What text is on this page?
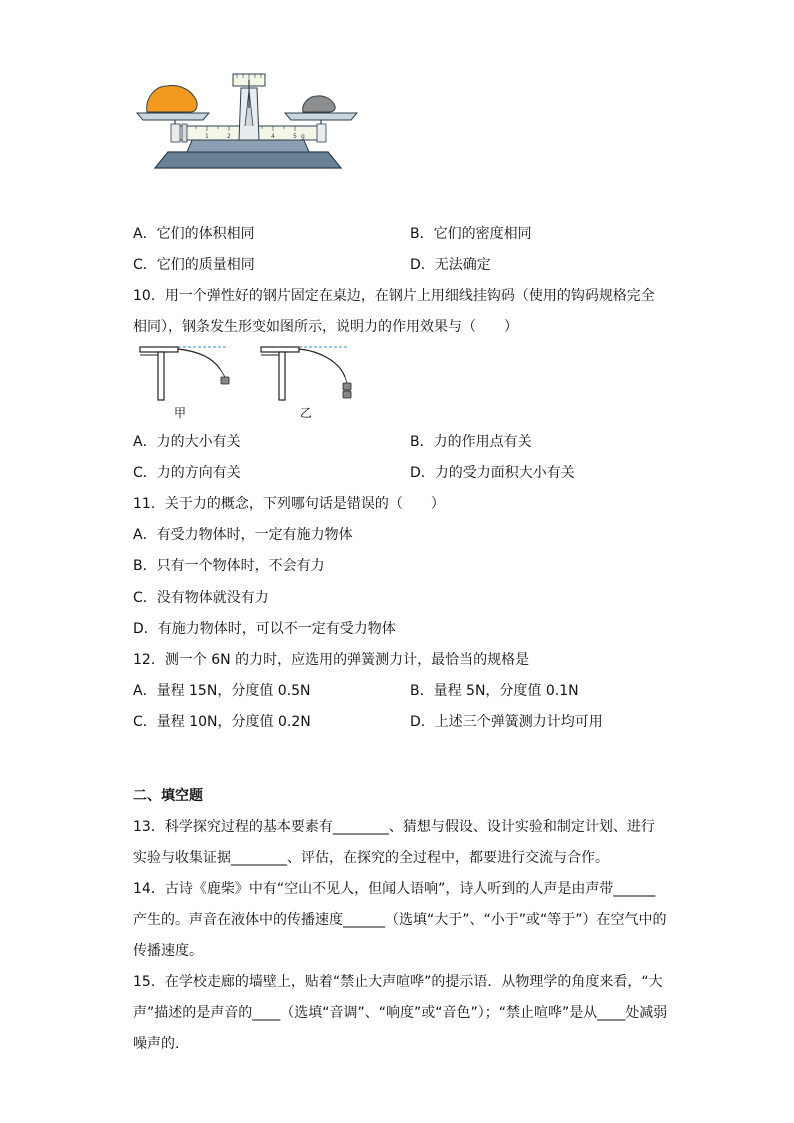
1	2	4	5 g
A．它们的体积相同	B．它们的密度相同
C．它们的质量相同	D．无法确定
10．用一个弹性好的钢片固定在桌边，在钢片上用细线挂钩码（使用的钩码规格完全
相同），钢条发生形变如图所示，说明力的作用效果与（　　）
甲	乙
A．力的大小有关	B．力的作用点有关
C．力的方向有关	D．力的受力面积大小有关
11．关于力的概念，下列哪句话是错误的（　　）
A．有受力物体时，一定有施力物体
B．只有一个物体时，不会有力
C．没有物体就没有力
D．有施力物体时，可以不一定有受力物体
12．测一个 6N 的力时，应选用的弹簧测力计，最恰当的规格是
A．量程 15N，分度值 0.5N	B．量程 5N，分度值 0.1N
C．量程 10N，分度值 0.2N	D．上述三个弹簧测力计均可用
二、填空题
13．科学探究过程的基本要素有________、猜想与假设、设计实验和制定计划、进行
实验与收集证据________、评估，在探究的全过程中，都要进行交流与合作。
14．古诗《鹿柴》中有“空山不见人，但闻人语响”，诗人听到的人声是由声带______
产生的。声音在液体中的传播速度______（选填“大于”、“小于”或“等于”）在空气中的
传播速度。
15．在学校走廊的墙壁上，贴着“禁止大声喧哗”的提示语．从物理学的角度来看，“大
声”描述的是声音的____（选填“音调”、“响度”或“音色”）；“禁止喧哗”是从____处减弱
噪声的.
